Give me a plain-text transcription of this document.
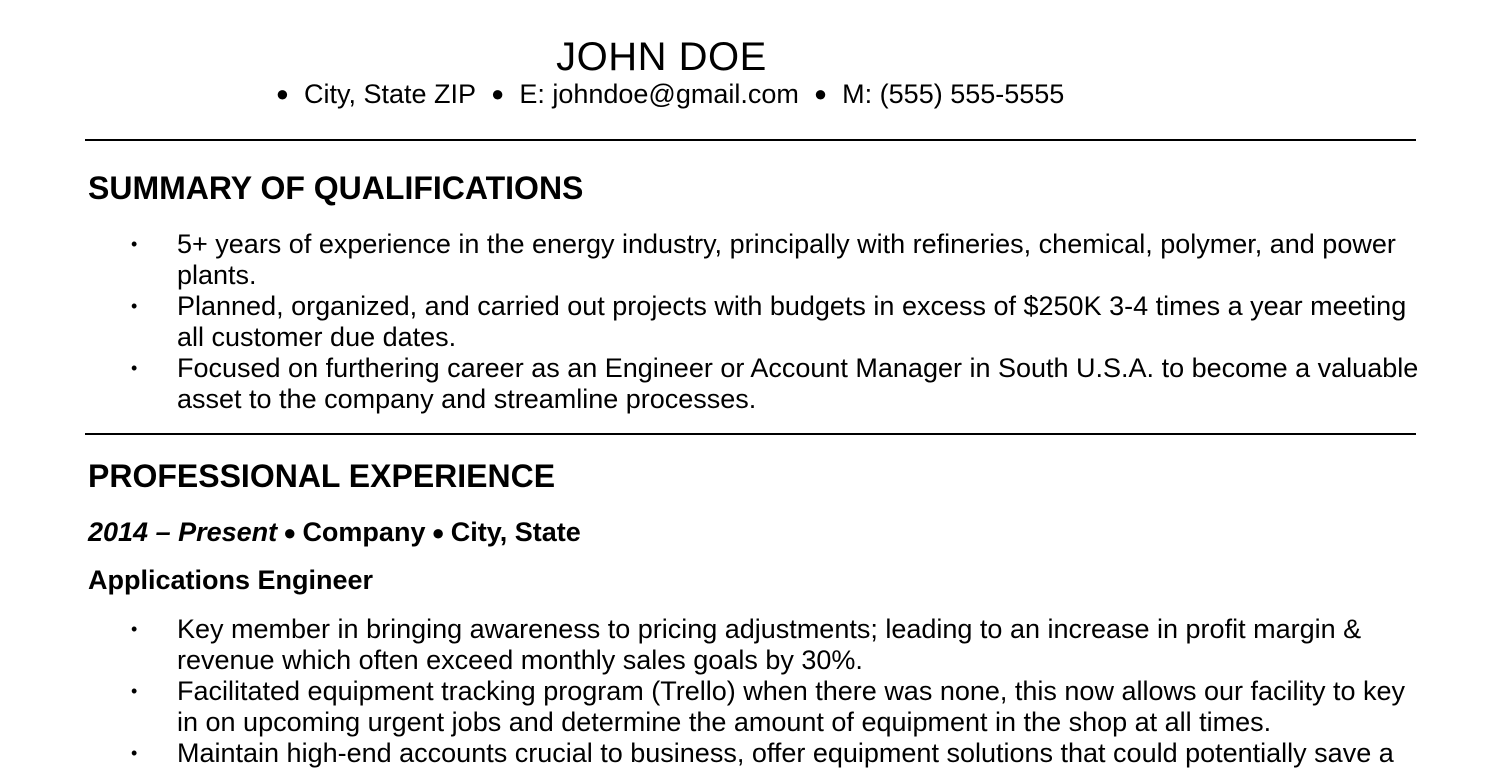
JOHN DOE
● City, State ZIP ● E: johndoe@gmail.com ● M: (555) 555-5555
SUMMARY OF QUALIFICATIONS
• 5+ years of experience in the energy industry, principally with refineries, chemical, polymer, and power plants.
• Planned, organized, and carried out projects with budgets in excess of $250K 3-4 times a year meeting all customer due dates.
• Focused on furthering career as an Engineer or Account Manager in South U.S.A. to become a valuable asset to the company and streamline processes.
PROFESSIONAL EXPERIENCE
2014 – Present ● Company ● City, State
Applications Engineer
• Key member in bringing awareness to pricing adjustments; leading to an increase in profit margin & revenue which often exceed monthly sales goals by 30%.
• Facilitated equipment tracking program (Trello) when there was none, this now allows our facility to key in on upcoming urgent jobs and determine the amount of equipment in the shop at all times.
• Maintain high-end accounts crucial to business, offer equipment solutions that could potentially save a
